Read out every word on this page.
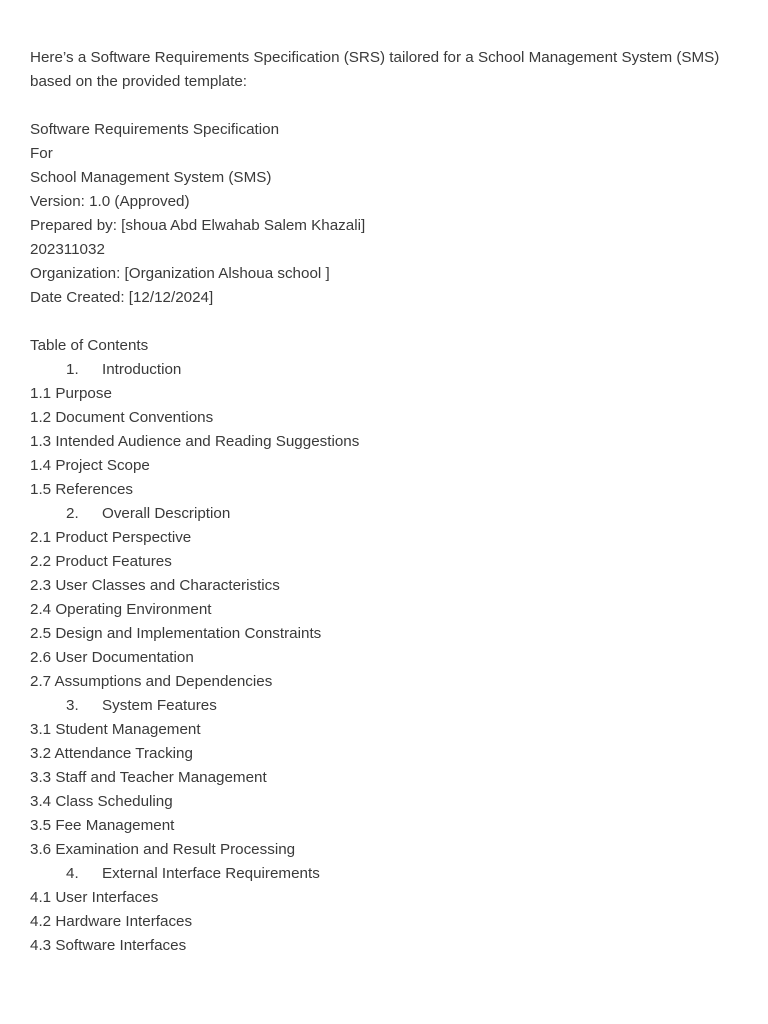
Here’s a Software Requirements Specification (SRS) tailored for a School Management System (SMS) based on the provided template:

Software Requirements Specification
For
School Management System (SMS)
Version: 1.0 (Approved)
Prepared by: [shoua Abd Elwahab Salem Khazali]
202311032
Organization: [Organization Alshoua school ]
Date Created: [12/12/2024]
Table of Contents
1. Introduction
1.1 Purpose
1.2 Document Conventions
1.3 Intended Audience and Reading Suggestions
1.4 Project Scope
1.5 References
2. Overall Description
2.1 Product Perspective
2.2 Product Features
2.3 User Classes and Characteristics
2.4 Operating Environment
2.5 Design and Implementation Constraints
2.6 User Documentation
2.7 Assumptions and Dependencies
3. System Features
3.1 Student Management
3.2 Attendance Tracking
3.3 Staff and Teacher Management
3.4 Class Scheduling
3.5 Fee Management
3.6 Examination and Result Processing
4. External Interface Requirements
4.1 User Interfaces
4.2 Hardware Interfaces
4.3 Software Interfaces
